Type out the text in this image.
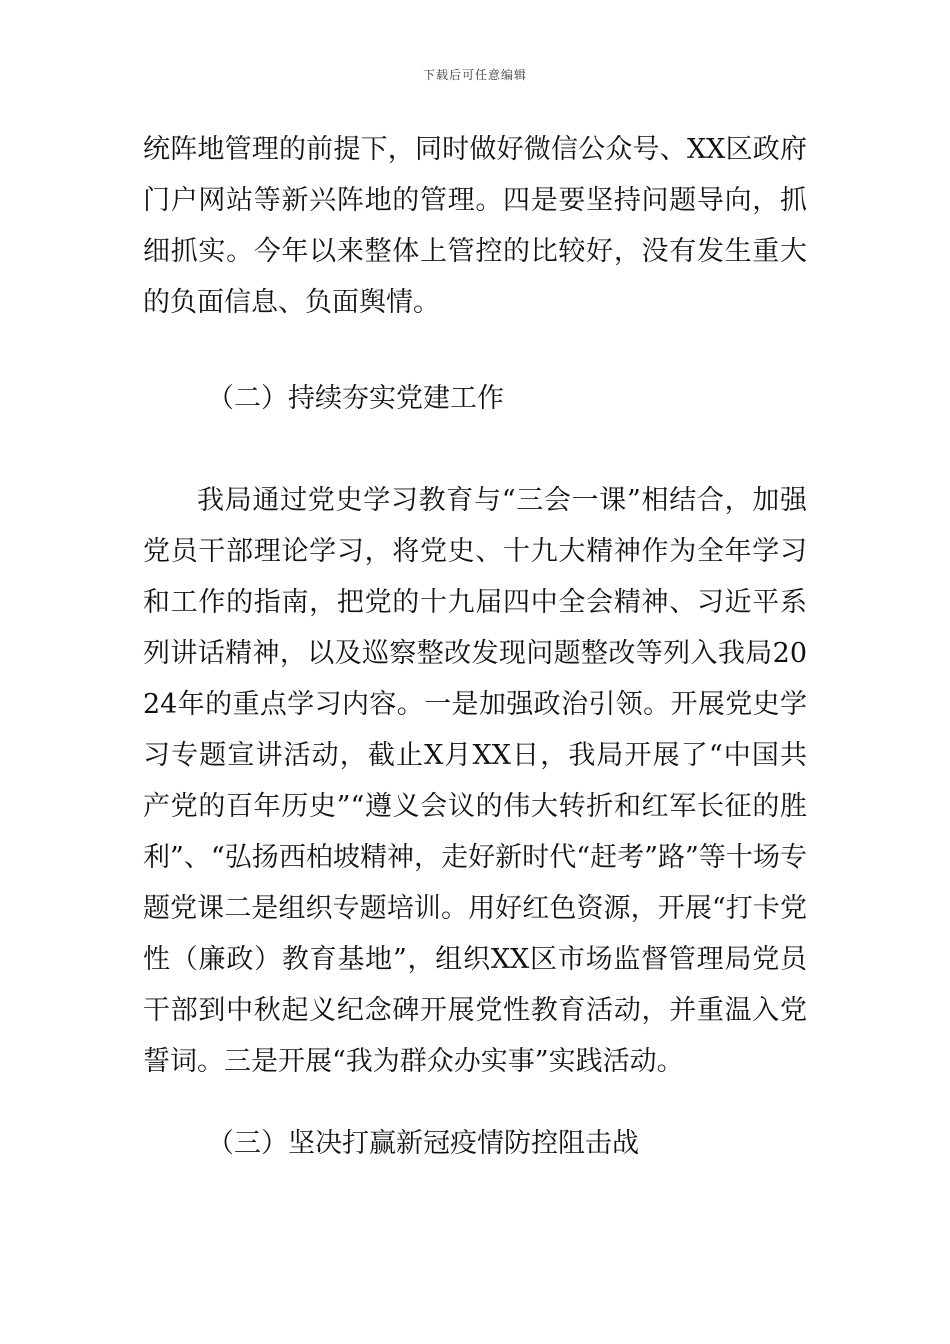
下载后可任意编辑
统阵地管理的前提下，同时做好微信公众号、XX区政府门户网站等新兴阵地的管理。四是要坚持问题导向，抓细抓实。今年以来整体上管控的比较好，没有发生重大的负面信息、负面舆情。
（二）持续夯实党建工作
我局通过党史学习教育与“三会一课”相结合，加强党员干部理论学习，将党史、十九大精神作为全年学习和工作的指南，把党的十九届四中全会精神、习近平系列讲话精神，以及巡察整改发现问题整改等列入我局2024年的重点学习内容。一是加强政治引领。开展党史学习专题宣讲活动，截止X月XX日，我局开展了“中国共产党的百年历史”“遵义会议的伟大转折和红军长征的胜利”、“弘扬西柏坡精神，走好新时代“赶考”路”等十场专题党课二是组织专题培训。用好红色资源，开展“打卡党性（廉政）教育基地”，组织XX区市场监督管理局党员干部到中秋起义纪念碑开展党性教育活动，并重温入党誓词。三是开展“我为群众办实事”实践活动。
（三）坚决打赢新冠疫情防控阻击战
